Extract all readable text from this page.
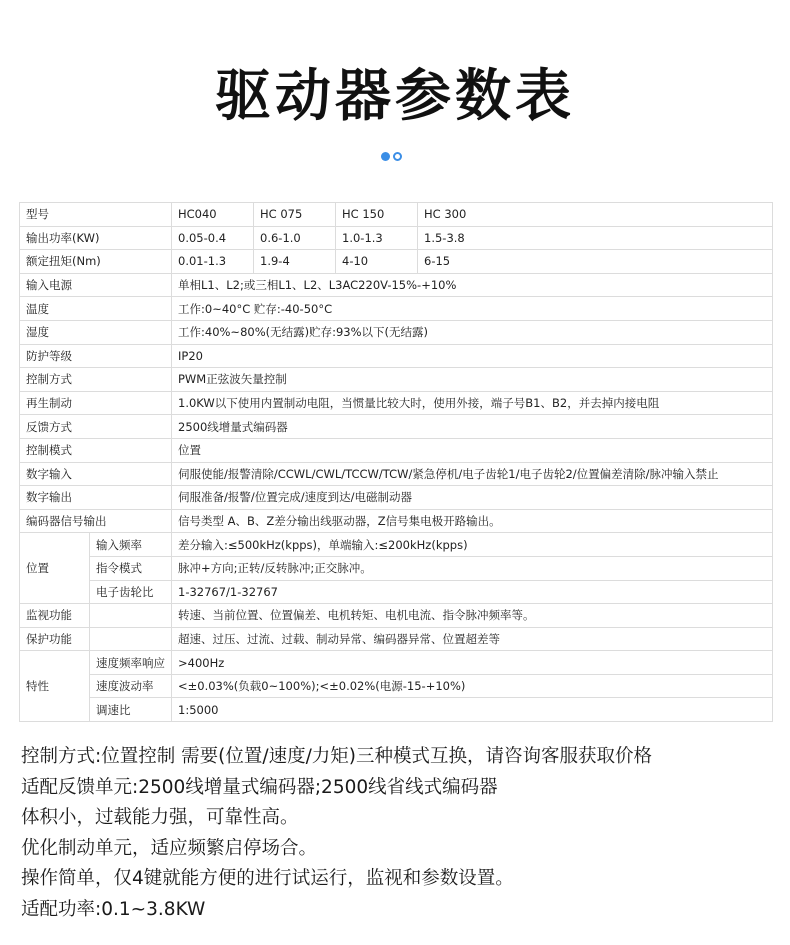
驱动器参数表
型号		HC040	HC 075	HC 150	HC 300	
输出功率(KW)		0.05-0.4	0.6-1.0	1.0-1.3	1.5-3.8	
额定扭矩(Nm)		0.01-1.3	1.9-4	4-10	6-15	
输入电源		单相L1、L2;或三相L1、L2、L3AC220V-15%-+10%				
温度		工作:0~40°C 贮存:-40-50°C				
湿度		工作:40%~80%(无结露)贮存:93%以下(无结露)				
防护等级		IP20				
控制方式		PWM正弦波矢量控制				
再生制动		1.0KW以下使用内置制动电阻，当惯量比较大时，使用外接，端子号B1、B2，并去掉内接电阻				
反馈方式		2500线增量式编码器				
控制模式		位置				
数字输入		伺服使能/报警清除/CCWL/CWL/TCCW/TCW/紧急停机/电子齿轮1/电子齿轮2/位置偏差清除/脉冲输入禁止				
数字输出		伺服准备/报警/位置完成/速度到达/电磁制动器				
编码器信号输出		信号类型 A、B、Z差分输出线驱动器，Z信号集电极开路输出。				
位置	输入频率	差分输入:≤500kHz(kpps)，单端输入:≤200kHz(kpps)				
	指令模式	脉冲+方向;正转/反转脉冲;正交脉冲。				
	电子齿轮比	1-32767/1-32767				
监视功能		转速、当前位置、位置偏差、电机转矩、电机电流、指令脉冲频率等。				
保护功能		超速、过压、过流、过载、制动异常、编码器异常、位置超差等				
特性	速度频率响应	>400Hz				
	速度波动率	<±0.03%(负载0~100%);<±0.02%(电源-15-+10%)				
	调速比	1:5000				
控制方式:位置控制 需要(位置/速度/力矩)三种模式互换，请咨询客服获取价格
适配反馈单元:2500线增量式编码器;2500线省线式编码器
体积小，过载能力强，可靠性高。
优化制动单元，适应频繁启停场合。
操作简单，仅4键就能方便的进行试运行，监视和参数设置。
适配功率:0.1~3.8KW
